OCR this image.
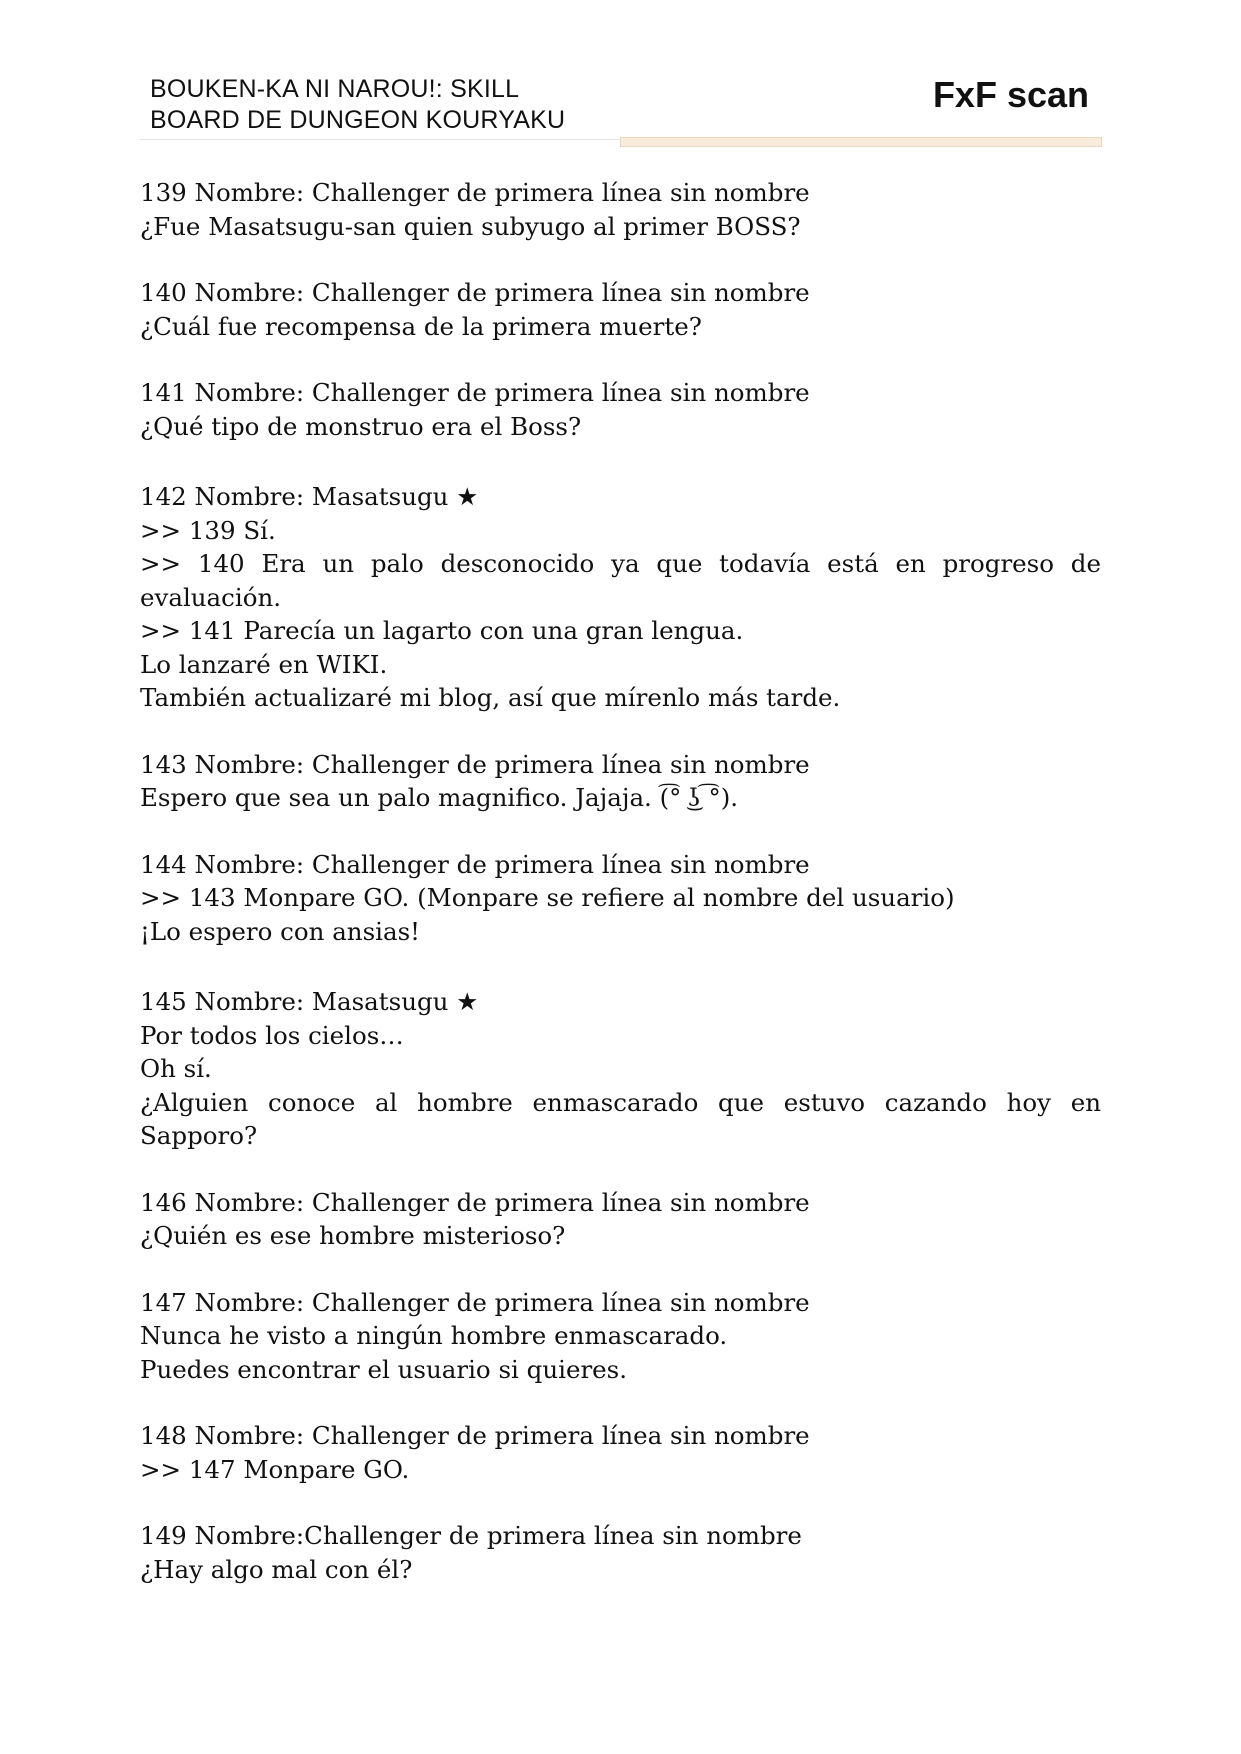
BOUKEN-KA NI NAROU!: SKILL
BOARD DE DUNGEON KOURYAKU
FxF scan
139 Nombre: Challenger de primera línea sin nombre
¿Fue Masatsugu-san quien subyugo al primer BOSS?
140 Nombre: Challenger de primera línea sin nombre
¿Cuál fue recompensa de la primera muerte?
141 Nombre: Challenger de primera línea sin nombre
¿Qué tipo de monstruo era el Boss?
142 Nombre: Masatsugu ★
>> 139 Sí.
>> 140 Era un palo desconocido ya que todavía está en progreso de evaluación.
>> 141 Parecía un lagarto con una gran lengua.
Lo lanzaré en WIKI.
También actualizaré mi blog, así que mírenlo más tarde.
143 Nombre: Challenger de primera línea sin nombre
Espero que sea un palo magnifico. Jajaja. (͡° ͜ʖ ͡°).
144 Nombre: Challenger de primera línea sin nombre
>> 143 Monpare GO. (Monpare se refiere al nombre del usuario)
¡Lo espero con ansias!
145 Nombre: Masatsugu ★
Por todos los cielos…
Oh sí.
¿Alguien conoce al hombre enmascarado que estuvo cazando hoy en Sapporo?
146 Nombre: Challenger de primera línea sin nombre
¿Quién es ese hombre misterioso?
147 Nombre: Challenger de primera línea sin nombre
Nunca he visto a ningún hombre enmascarado.
Puedes encontrar el usuario si quieres.
148 Nombre: Challenger de primera línea sin nombre
>> 147 Monpare GO.
149 Nombre:Challenger de primera línea sin nombre
¿Hay algo mal con él?
